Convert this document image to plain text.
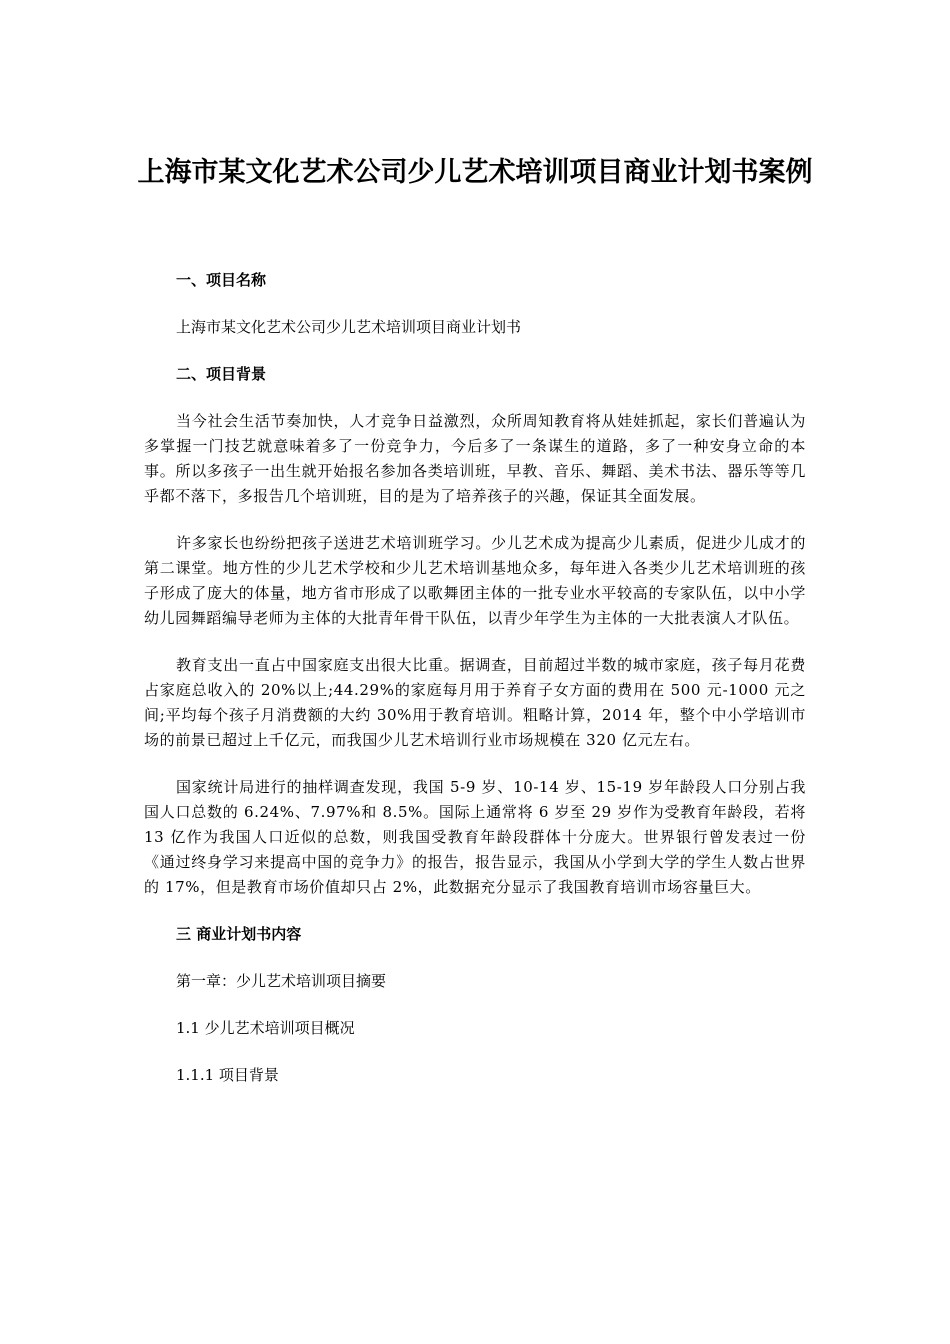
上海市某文化艺术公司少儿艺术培训项目商业计划书案例

一、项目名称

上海市某文化艺术公司少儿艺术培训项目商业计划书

二、项目背景

当今社会生活节奏加快，人才竞争日益激烈，众所周知教育将从娃娃抓起，家长们普遍认为多掌握一门技艺就意味着多了一份竞争力，今后多了一条谋生的道路，多了一种安身立命的本事。所以多孩子一出生就开始报名参加各类培训班，早教、音乐、舞蹈、美术书法、器乐等等几乎都不落下，多报告几个培训班，目的是为了培养孩子的兴趣，保证其全面发展。

许多家长也纷纷把孩子送进艺术培训班学习。少儿艺术成为提高少儿素质，促进少儿成才的第二课堂。地方性的少儿艺术学校和少儿艺术培训基地众多，每年进入各类少儿艺术培训班的孩子形成了庞大的体量，地方省市形成了以歌舞团主体的一批专业水平较高的专家队伍，以中小学幼儿园舞蹈编导老师为主体的大批青年骨干队伍，以青少年学生为主体的一大批表演人才队伍。

教育支出一直占中国家庭支出很大比重。据调查，目前超过半数的城市家庭，孩子每月花费占家庭总收入的 20%以上;44.29%的家庭每月用于养育子女方面的费用在 500 元-1000 元之间;平均每个孩子月消费额的大约 30%用于教育培训。粗略计算，2014 年，整个中小学培训市场的前景已超过上千亿元，而我国少儿艺术培训行业市场规模在 320 亿元左右。

国家统计局进行的抽样调查发现，我国 5-9 岁、10-14 岁、15-19 岁年龄段人口分别占我国人口总数的 6.24%、7.97%和 8.5%。国际上通常将 6 岁至 29 岁作为受教育年龄段，若将 13 亿作为我国人口近似的总数，则我国受教育年龄段群体十分庞大。世界银行曾发表过一份《通过终身学习来提高中国的竞争力》的报告，报告显示，我国从小学到大学的学生人数占世界的 17%，但是教育市场价值却只占 2%，此数据充分显示了我国教育培训市场容量巨大。

三 商业计划书内容

第一章：少儿艺术培训项目摘要

1.1 少儿艺术培训项目概况

1.1.1 项目背景
